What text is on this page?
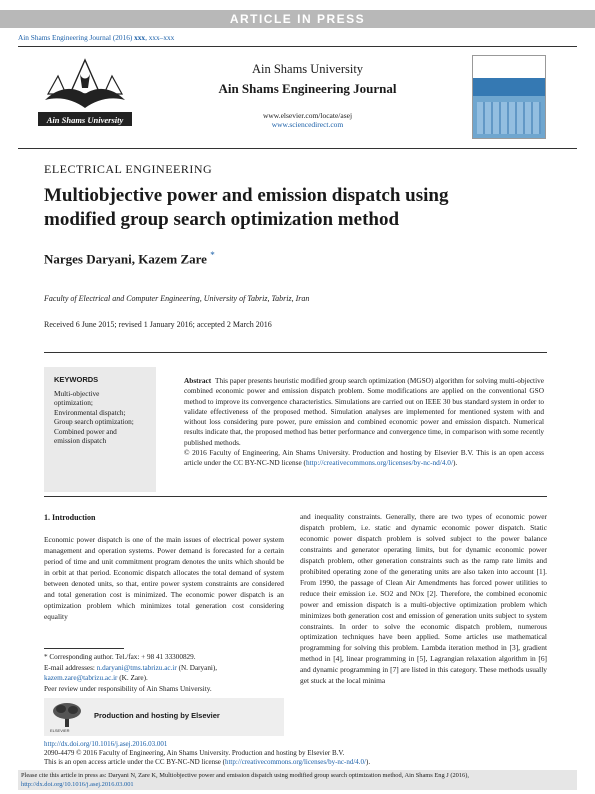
ARTICLE IN PRESS
Ain Shams Engineering Journal (2016) xxx, xxx–xxx
Ain Shams University
Ain Shams University
Ain Shams Engineering Journal
www.elsevier.com/locate/asej
www.sciencedirect.com
ASEJ
ELECTRICAL ENGINEERING
Multiobjective power and emission dispatch using
modified group search optimization method
Narges Daryani, Kazem Zare *
Faculty of Electrical and Computer Engineering, University of Tabriz, Tabriz, Iran
Received 6 June 2015; revised 1 January 2016; accepted 2 March 2016
KEYWORDS
Multi-objective
optimization;
Environmental dispatch;
Group search optimization;
Combined power and
emission dispatch
Abstract This paper presents heuristic modified group search optimization (MGSO) algorithm for solving multi-objective combined economic power and emission dispatch problem. Some modifications are applied on the conventional GSO method to improve its convergence characteristics. Simulations are carried out on IEEE 30 bus standard system in order to validate effectiveness of the proposed method. Simulation analyses are implemented for mentioned system with and without loss considering pure power, pure emission and combined economic power and emission dispatch. Numerical results indicate that, the proposed method has better performance and convergence time, in comparison with some recently published methods.
© 2016 Faculty of Engineering, Ain Shams University. Production and hosting by Elsevier B.V. This is an open access article under the CC BY-NC-ND license (http://creativecommons.org/licenses/by-nc-nd/4.0/).
1. Introduction

Economic power dispatch is one of the main issues of electrical power system management and operation systems. Power demand is forecasted for a certain period of time and unit commitment program denotes the units which should be in orbit at that period. Economic dispatch allocates the total demand of system between denoted units, so that, entire power system constraints are considered and total generation cost is minimized. The economic power dispatch is an optimization problem which minimizes total generation cost considering equality

and inequality constraints. Generally, there are two types of economic power dispatch problem, i.e. static and dynamic economic power dispatch. Static economic power dispatch problem is solved subject to the power balance constraints and generator operating limits, but for dynamic economic power dispatch problem, other generation constraints such as the ramp rate limits and prohibited operating zone of the generating units are also taken into account [1]. From 1990, the passage of Clean Air Amendments has forced power utilities to reduce their emission i.e. SO2 and NOx [2]. Therefore, the combined economic power and emission dispatch is a multi-objective optimization problem which minimizes both generation cost and emission of generation units subject to system constraints. In order to solve the economic dispatch problem, numerous optimization techniques have been applied. Some articles use mathematical programming for solving this problem. Lambda iteration method in [3], gradient method in [4], linear programming in [5], Lagrangian relaxation algorithm in [6] and dynamic programming in [7] are listed in this category. These methods usually get stuck at the local minima

* Corresponding author. Tel./fax: + 98 41 33300829.
E-mail addresses: n.daryani@tms.tabrizu.ac.ir (N. Daryani), kazem.zare@tabrizu.ac.ir (K. Zare).
Peer review under responsibility of Ain Shams University.
ELSEVIER
Production and hosting by Elsevier
http://dx.doi.org/10.1016/j.asej.2016.03.001
2090-4479 © 2016 Faculty of Engineering, Ain Shams University. Production and hosting by Elsevier B.V.
This is an open access article under the CC BY-NC-ND license (http://creativecommons.org/licenses/by-nc-nd/4.0/).
Please cite this article in press as: Daryani N, Zare K, Multiobjective power and emission dispatch using modified group search optimization method, Ain Shams Eng J (2016), http://dx.doi.org/10.1016/j.asej.2016.03.001
